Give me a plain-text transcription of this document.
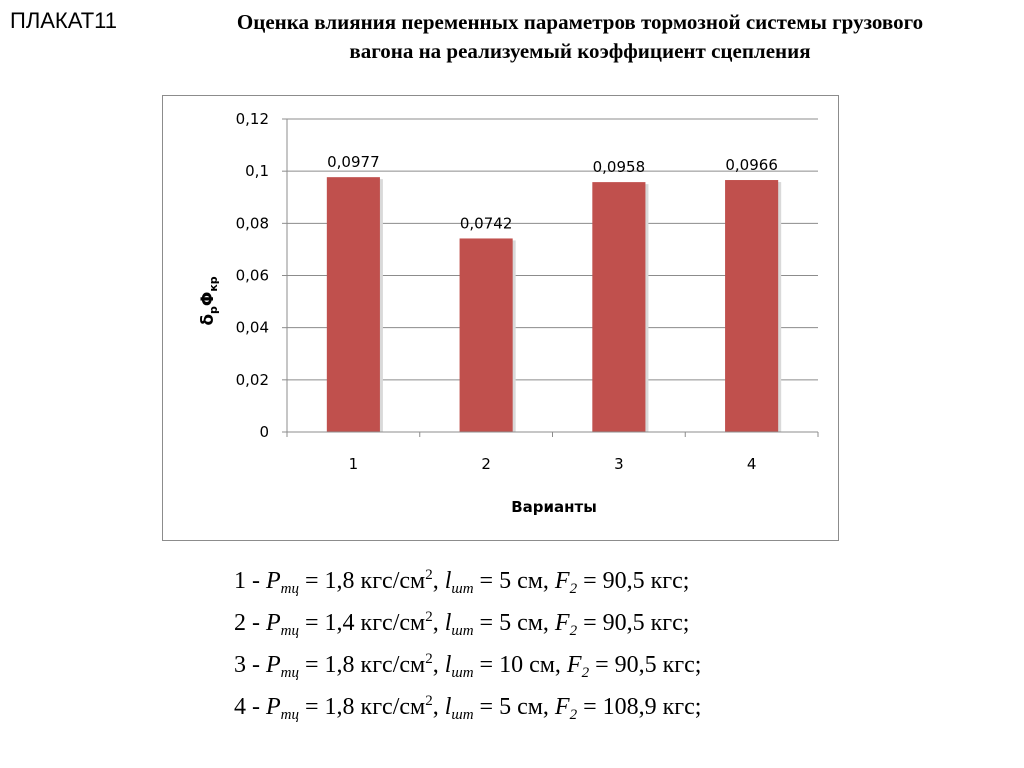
ПЛАКАТ11	Оценка влияния переменных параметров тормозной системы грузового
вагона на реализуемый коэффициент сцепления
0
0,02
0,04
0,06
0,08
0,1
0,12
1	2	3	4
0,0977
0,0742
0,0958	0,0966
Варианты
$\delta_р\Phi_{кр}$
$1 - P_{тц} = 1,8$ кгс/$см^2$, $l_{шт} = 5$ см, $F_2 = 90,5$ кгс;
$2 - P_{тц} = 1,4$ кгс/$см^2$, $l_{шт} = 5$ см, $F_2 = 90,5$ кгс;
$3 - P_{тц} = 1,8$ кгс/$см^2$, $l_{шт} = 10$ см, $F_2 = 90,5$ кгс;
$4 - P_{тц} = 1,8$ кгс/$см^2$, $l_{шт} = 5$ см, $F_2 = 108,9$ кгс;
